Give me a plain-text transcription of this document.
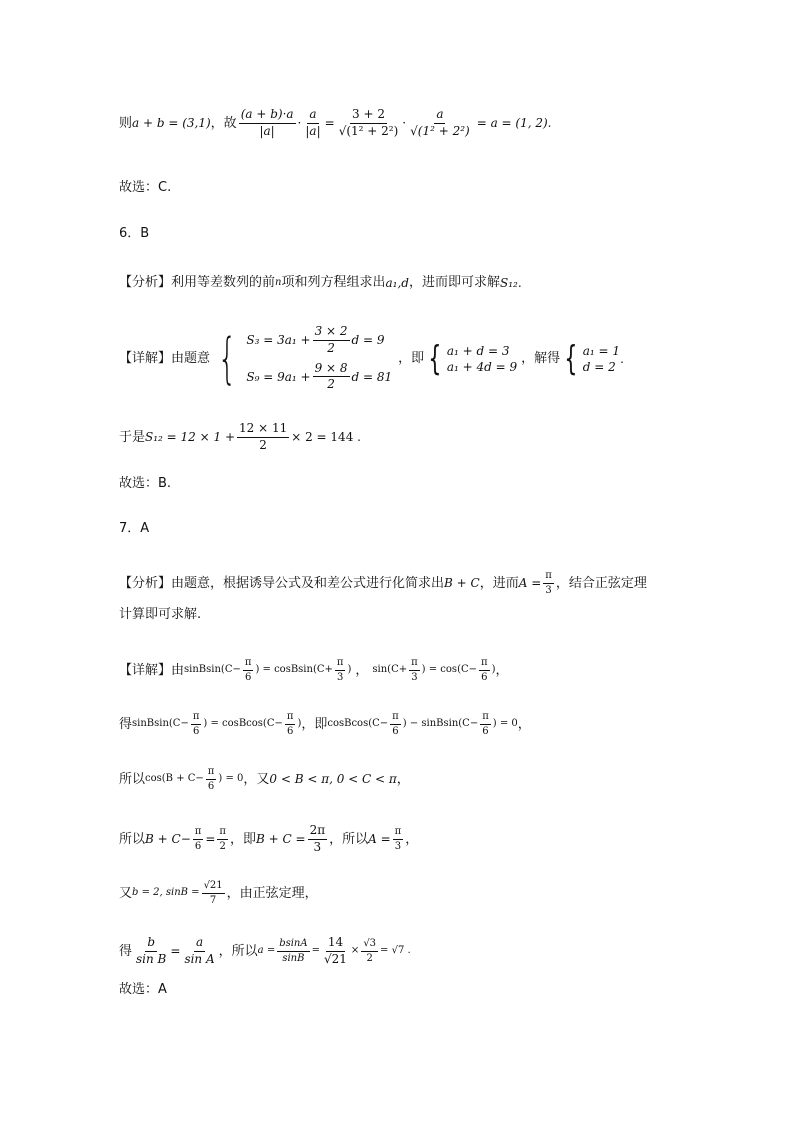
则 a + b = (3,1) ，故 $\frac{(a + b)\cdot a}{|a|} \cdot \frac{a}{|a|} = \frac{3 + 2}{\text{√(1² + 2²)}} \cdot \frac{a}{\text{√(1² + 2²)}} = a = (1$, 2).
故选：C.
6．B
【分析】 利用等差数列的前 n 项和列方程组求出 a₁,d ，进而即可求解 S₁₂ .
【详解】 由题意 { $S_3 = 3a_1 + \frac{3 \times 2}{2}$ d = 9
$S_9 = 9a_1 + \frac{9 \times 8}{2}$ d = 81
，即 { a₁ + d = 3
a₁ + 4d = 9
，解得 { a₁ = 1
d = 2
.
于是 $S_{12} = 12 \times 1 + \frac{12 \times 11}{2} \times 2 = 144$ .
故选：B.
7．A
【分析】 由题意，根据诱导公式及和差公式进行化简求出 B + C ，进而 $A = \frac{\pi}{3}$ ，结合正弦定理
计算即可求解.
【详解】 由 sinBsin(C− $\frac{\pi}{6}$ ) = cosBsin(C+ $\frac{\pi}{3}$ ) ， $\sin(C+ \frac{\pi}{3}$ ) = $\cos(C- \frac{\pi}{6}$ ) ，
得 sinBsin(C− $\frac{\pi}{6}$ ) = cosBcos(C− $\frac{\pi}{6}$ ) ，即 cosBcos(C− $\frac{\pi}{6}$ ) − sinBsin(C− $\frac{\pi}{6}$ ) = 0 ，
所以 $\cos(B + C- \frac{\pi}{6}$ ) = 0 ，又 0 < B < π, 0 < C < π ，
所以 $B + C- \frac{\pi}{6} = \frac{\pi}{2}$ ，即 $B + C = \frac{2\pi}{3}$ ，所以 $A = \frac{\pi}{3}$ ，
又 b = 2, $\sin B = \frac{√21}{7}$ ，由正弦定理，
得 $\frac{b}{\text{sin B}} = \frac{a}{\text{sin A}}$ ，所以 $a = \frac{bsinA}{\sin B} = \frac{14}{√21} \times \frac{√3}{2} = √7$ .
故选：A
